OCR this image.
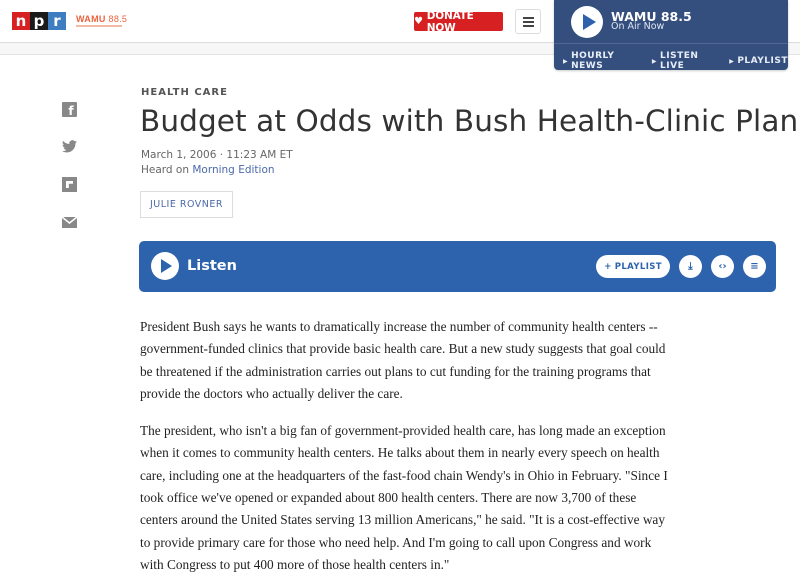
n p r	WAMU 88.5	♥ DONATE NOW
WAMU 88.5
On Air Now
▶ HOURLY NEWS	▶ LISTEN LIVE	▶ PLAYLIST
f
HEALTH CARE
Budget at Odds with Bush Health-Clinic Plan
March 1, 2006 · 11:23 AM ET
Heard on Morning Edition
JULIE ROVNER
Listen	+ PLAYLIST	⤓	‹› ≡

President Bush says he wants to dramatically increase the number of community health centers -- government-funded clinics that provide basic health care. But a new study suggests that goal could be threatened if the administration carries out plans to cut funding for the training programs that provide the doctors who actually deliver the care.

The president, who isn't a big fan of government-provided health care, has long made an exception when it comes to community health centers. He talks about them in nearly every speech on health care, including one at the headquarters of the fast-food chain Wendy's in Ohio in February. "Since I took office we've opened or expanded about 800 health centers. There are now 3,700 of these centers around the United States serving 13 million Americans," he said. "It is a cost-effective way to provide primary care for those who need help. And I'm going to call upon Congress and work with Congress to put 400 more of those health centers in."
